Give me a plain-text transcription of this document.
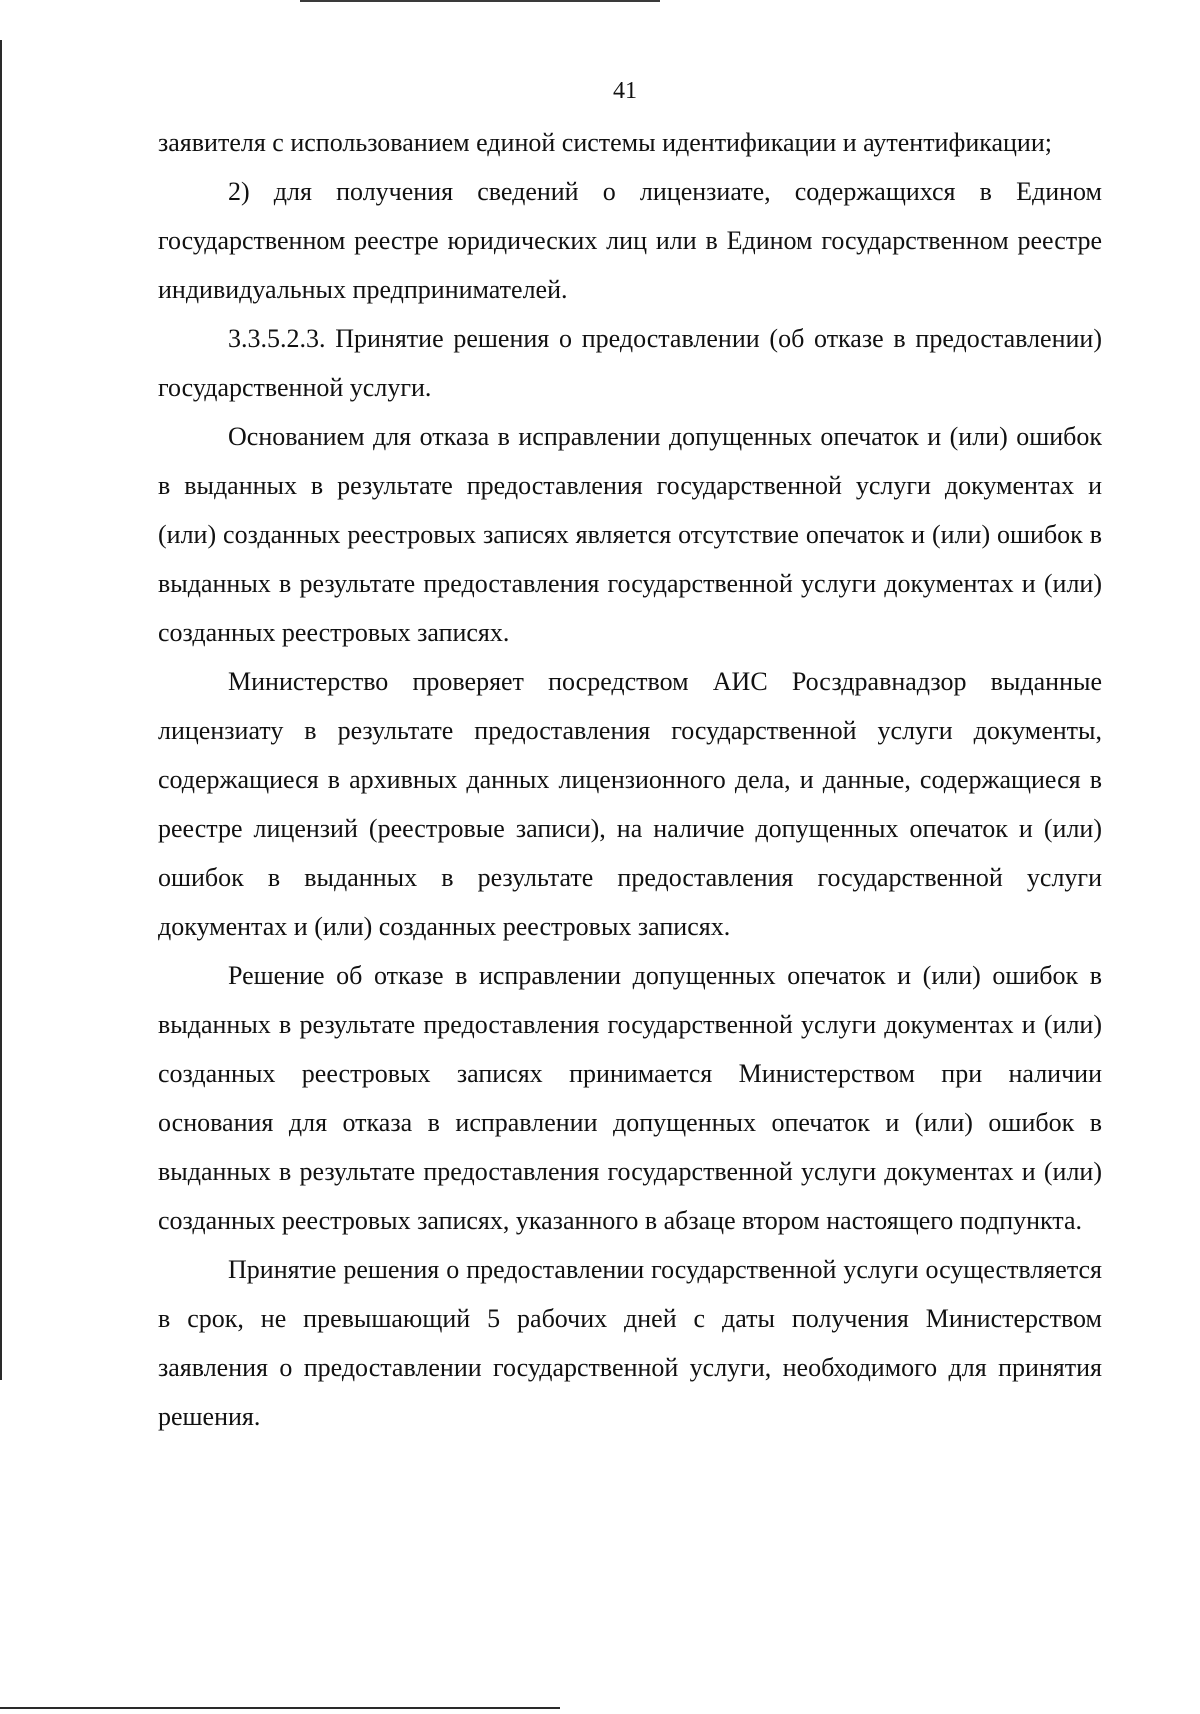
41

заявителя с использованием единой системы идентификации и аутентификации;

2) для получения сведений о лицензиате, содержащихся в Едином государственном реестре юридических лиц или в Едином государственном реестре индивидуальных предпринимателей.

3.3.5.2.3. Принятие решения о предоставлении (об отказе в предоставлении) государственной услуги.

Основанием для отказа в исправлении допущенных опечаток и (или) ошибок в выданных в результате предоставления государственной услуги документах и (или) созданных реестровых записях является отсутствие опечаток и (или) ошибок в выданных в результате предоставления государственной услуги документах и (или) созданных реестровых записях.

Министерство проверяет посредством АИС Росздравнадзор выданные лицензиату в результате предоставления государственной услуги документы, содержащиеся в архивных данных лицензионного дела, и данные, содержащиеся в реестре лицензий (реестровые записи), на наличие допущенных опечаток и (или) ошибок в выданных в результате предоставления государственной услуги документах и (или) созданных реестровых записях.

Решение об отказе в исправлении допущенных опечаток и (или) ошибок в выданных в результате предоставления государственной услуги документах и (или) созданных реестровых записях принимается Министерством при наличии основания для отказа в исправлении допущенных опечаток и (или) ошибок в выданных в результате предоставления государственной услуги документах и (или) созданных реестровых записях, указанного в абзаце втором настоящего подпункта.

Принятие решения о предоставлении государственной услуги осуществляется в срок, не превышающий 5 рабочих дней с даты получения Министерством заявления о предоставлении государственной услуги, необходимого для принятия решения.
